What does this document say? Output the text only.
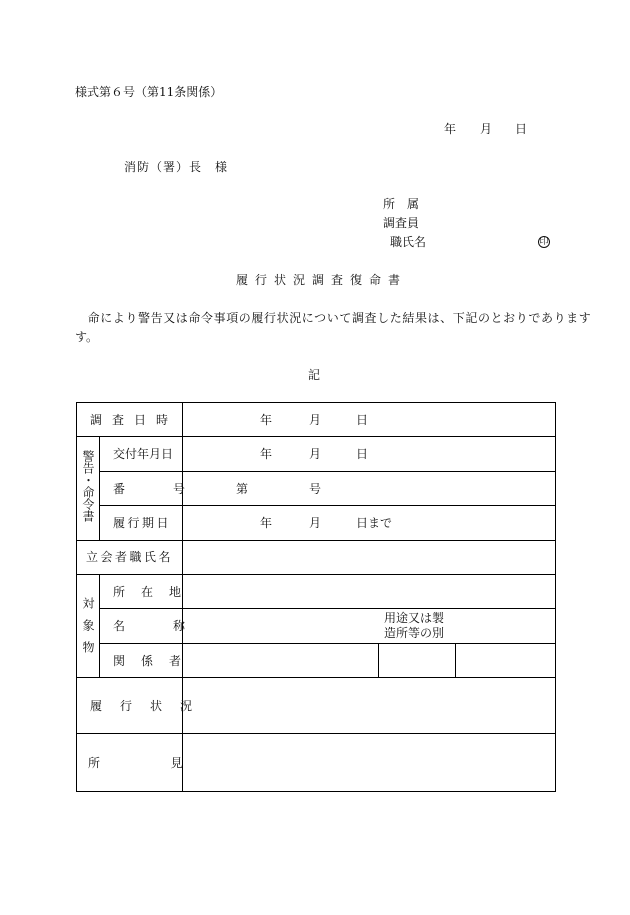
様式第６号（第11条関係）
年 月 日
消防（署）長　様
所　属
調査員
職氏名	印
履行状況調査復命書
　命により警告又は命令事項の履行状況について調査した結果は、下記のとおりであります
す。
記
調査日時	年	月	日
警告・命令書 交付年月日	年	月	日
番　　　号	第	号
履行期日	年	月	日まで
立会者職氏名
対象物
所　在　地
名　　　称
用途又は製
造所等の別
関　係　者
履　行　状　況
所　　　　見
